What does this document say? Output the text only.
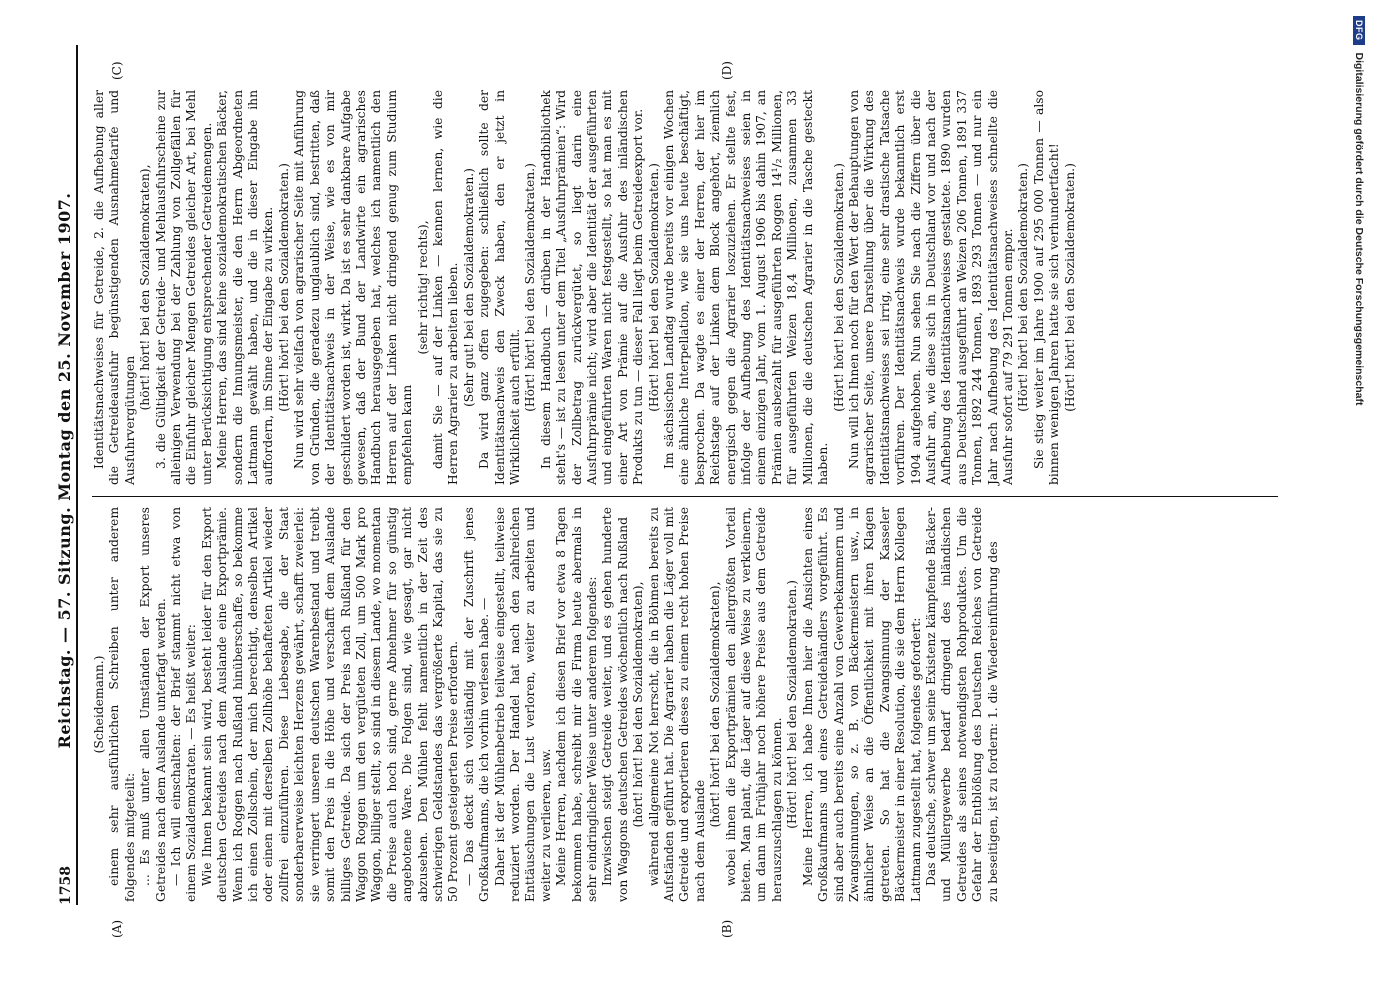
1758
Reichstag. — 57. Sitzung. Montag den 25. November 1907.
(A)	(B)
(C)	(D)

(Scheidemann.) einem sehr ausführlichen Schreiben unter anderem folgendes mitgeteilt: ... Es muß unter allen Umständen der Export unseres Getreides nach dem Auslande unterfagt werden. — Ich will einschalten: der Brief stammt nicht etwa von einem Sozialdemokraten. — Es heißt weiter: Wie Ihnen bekannt sein wird, besteht leider für den Export deutschen Getreides nach dem Auslande eine Exportprämie. Wenn ich Roggen nach Rußland hinüberschaffe, so bekomme ich einen Zollschein, der mich berechtigt, denselben Artikel oder einen mit derselben Zollhöhe behafteten Artikel wieder zollfrei einzuführen. Diese Liebesgabe, die der Staat sonderbarerweise leichten Herzens gewährt, schafft zweierlei: sie verringert unseren deutschen Warenbestand und treibt somit den Preis in die Höhe und verschafft dem Auslande billiges Getreide. Da sich der Preis nach Rußland für den Waggon Roggen um den vergüteten Zoll, um 500 Mark pro Waggon, billiger stellt, so sind in diesem Lande, wo momentan die Preise auch hoch sind, gerne Abnehmer für so günstig angebotene Ware. Die Folgen sind, wie gesagt, gar nicht abzusehen. Den Mühlen fehlt namentlich in der Zeit des schwierigen Geldstandes das vergrößerte Kapital, das sie zu 50 Prozent gesteigerten Preise erfordern. — Das deckt sich vollständig mit der Zuschrift jenes Großkaufmanns, die ich vorhin verlesen habe. — Daher ist der Mühlenbetrieb teilweise eingestellt, teilweise reduziert worden. Der Handel hat nach den zahlreichen Enttäuschungen die Lust verloren, weiter zu arbeiten und weiter zu verlieren, usw. Meine Herren, nachdem ich diesen Brief vor etwa 8 Tagen bekommen habe, schreibt mir die Firma heute abermals in sehr eindringlicher Weise unter anderem folgendes: Inzwischen steigt Getreide weiter, und es gehen hunderte von Waggons deutschen Getreides wöchentlich nach Rußland (hört! hört! bei den Sozialdemokraten), während allgemeine Not herrscht, die in Böhmen bereits zu Aufständen geführt hat. Die Agrarier haben die Läger voll mit Getreide und exportieren dieses zu einem recht hohen Preise nach dem Auslande

(hört! hört! bei den Sozialdemokraten), wobei ihnen die Exportprämien den allergrößten Vorteil bieten. Man plant, die Läger auf diese Weise zu verkleinern, um dann im Frühjahr noch höhere Preise aus dem Getreide herauszuschlagen zu können. (Hört! hört! bei den Sozialdemokraten.) Meine Herren, ich habe Ihnen hier die Ansichten eines Großkaufmanns und eines Getreidehändlers vorgeführt. Es sind aber auch bereits eine Anzahl von Gewerbekammern und Zwangsinnungen, so z. B. von Bäckermeistern usw., in ähnlicher Weise an die Öffentlichkeit mit ihren Klagen getreten. So hat die Zwangsinnung der Kasseler Bäckermeister in einer Resolution, die sie dem Herrn Kollegen Lattmann zugestellt hat, folgendes gefordert: Das deutsche, schwer um seine Existenz kämpfende Bäcker- und Müllergewerbe bedarf dringend des inländischen Getreides als seines notwendigsten Rohproduktes. Um die Gefahr der Entblößung des Deutschen Reiches von Getreide zu beseitigen, ist zu fordern: 1. die Wiedereinführung des

Identitätsnachweises für Getreide, 2. die Aufhebung aller die Getreideausfuhr begünstigenden Ausnahmetarife und Ausfuhrvergütungen

(hört! hört! bei den Sozialdemokraten), 3. die Gültigkeit der Getreide- und Mehlausfuhrscheine zur alleinigen Verwendung bei der Zahlung von Zollgefällen für die Einfuhr gleicher Mengen Getreides gleicher Art, bei Mehl unter Berücksichtigung entsprechender Getreidemengen. Meine Herren, das sind keine sozialdemokratischen Bäcker, sondern die Innungsmeister, die den Herrn Abgeordneten Lattmann gewählt haben, und die in dieser Eingabe ihn auffordern, im Sinne der Eingabe zu wirken. (Hört! hört! bei den Sozialdemokraten.) Nun wird sehr vielfach von agrarischer Seite mit Anführung von Gründen, die geradezu unglaublich sind, bestritten, daß der Identitätsnachweis in der Weise, wie es von mir geschildert worden ist, wirkt. Da ist es sehr dankbare Aufgabe gewesen, daß der Bund der Landwirte ein agrarisches Handbuch herausgegeben hat, welches ich namentlich den Herren auf der Linken nicht dringend genug zum Studium empfehlen kann

(sehr richtig! rechts), damit Sie — auf der Linken — kennen lernen, wie die Herren Agrarier zu arbeiten lieben. (Sehr gut! bei den Sozialdemokraten.) Da wird ganz offen zugegeben: schließlich sollte der Identitätsnachweis den Zweck haben, den er jetzt in Wirklichkeit auch erfüllt. (Hört! hört! bei den Sozialdemokraten.) In diesem Handbuch — drüben in der Handbibliothek steht's — ist zu lesen unter dem Titel „Ausfuhrprämien“: Wird der Zollbetrag zurückvergütet, so liegt darin eine Ausfuhrprämie nicht; wird aber die Identität der ausgeführten und eingeführten Waren nicht festgestellt, so hat man es mit einer Art von Prämie auf die Ausfuhr des inländischen Produkts zu tun — dieser Fall liegt beim Getreideexport vor. (Hört! hört! bei den Sozialdemokraten.) Im sächsischen Landtag wurde bereits vor einigen Wochen eine ähnliche Interpellation, wie sie uns heute beschäftigt, besprochen. Da wagte es einer der Herren, der hier im Reichstage auf der Linken dem Block angehört, ziemlich energisch gegen die Agrarier loszuziehen. Er stellte fest, infolge der Aufhebung des Identitätsnachweises seien in einem einzigen Jahr, vom 1. August 1906 bis dahin 1907, an Prämien ausbezahlt für ausgeführten Roggen 14¹/₂ Millionen, für ausgeführten Weizen 18,4 Millionen, zusammen 33 Millionen, die die deutschen Agrarier in die Tasche gesteckt haben.

(Hört! hört! bei den Sozialdemokraten.) Nun will ich Ihnen noch für den Wert der Behauptungen von agrarischer Seite, unsere Darstellung über die Wirkung des Identitätsnachweises sei irrig, eine sehr drastische Tatsache vorführen. Der Identitätsnachweis wurde bekanntlich erst 1904 aufgehoben. Nun sehen Sie nach die Ziffern über die Ausfuhr an, wie diese sich in Deutschland vor und nach der Aufhebung des Identitätsnachweises gestaltete. 1890 wurden aus Deutschland ausgeführt an Weizen 206 Tonnen, 1891 337 Tonnen, 1892 244 Tonnen, 1893 293 Tonnen — und nur ein Jahr nach Aufhebung des Identitätsnachweises schnellte die Ausfuhr sofort auf 79 291 Tonnen empor. (Hört! hört! bei den Sozialdemokraten.) Sie stieg weiter im Jahre 1900 auf 295 000 Tonnen — also binnen wenigen Jahren hatte sie sich verhundertfacht! (Hört! hört! bei den Sozialdemokraten.)

DFG
Digitalisierung gefördert durch die Deutsche Forschungsgemeinschaft
